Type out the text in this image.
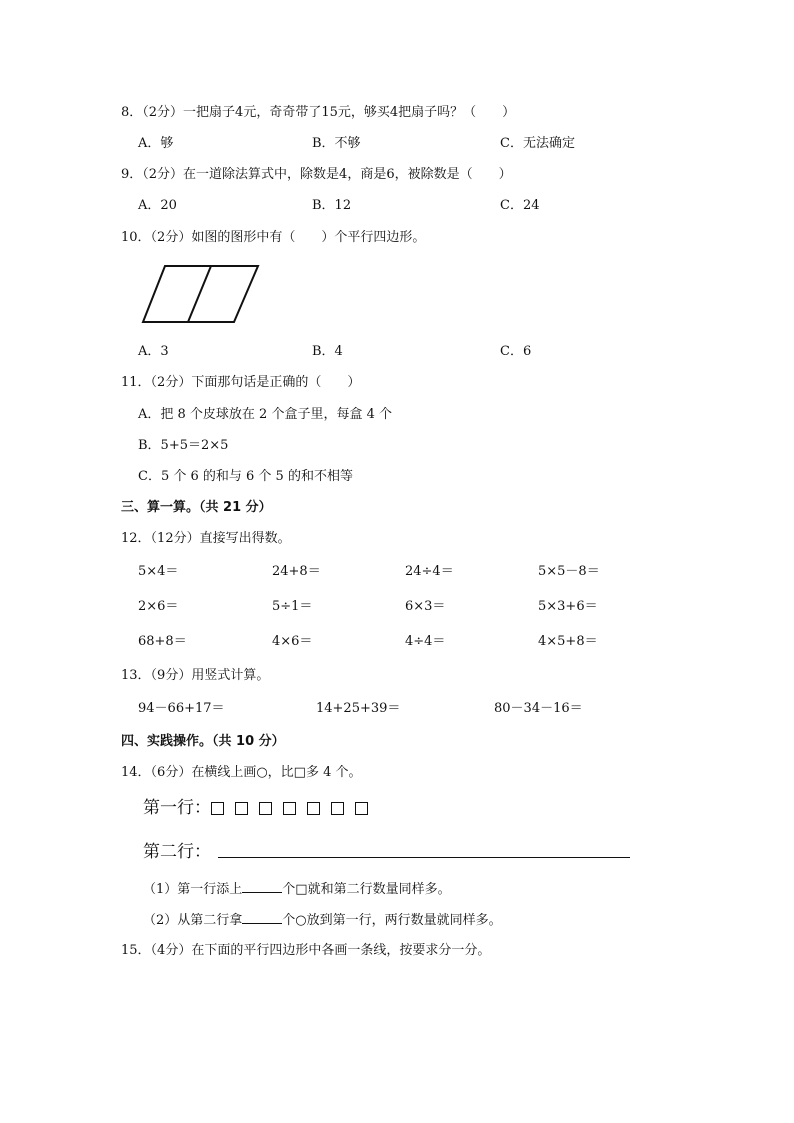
8．（2分）一把扇子4元，奇奇带了15元，够买4把扇子吗？（　　）
A．够	B．不够	C．无法确定
9．（2分）在一道除法算式中，除数是4，商是6，被除数是（　　）
A．20	B．12	C．24
10．（2分）如图的图形中有（　　）个平行四边形。
A．3	B．4	C．6
11．（2分）下面那句话是正确的（　　）
A．把 8 个皮球放在 2 个盒子里，每盒 4 个
B．5+5＝2×5
C．5 个 6 的和与 6 个 5 的和不相等
三、算一算。（共 21 分）
12．（12分）直接写出得数。
5×4＝	24+8＝	24÷4＝	5×5－8＝
2×6＝	5÷1＝	6×3＝	5×3+6＝
68+8＝	4×6＝	4÷4＝	4×5+8＝
13．（9分）用竖式计算。
94－66+17＝	14+25+39＝	80－34－16＝
四、实践操作。（共 10 分）
14．（6分）在横线上画○，比□多 4 个。
第一行：
第二行：
（1）第一行添上	个□就和第二行数量同样多。
（2）从第二行拿	个○放到第一行，两行数量就同样多。
15．（4分）在下面的平行四边形中各画一条线，按要求分一分。
